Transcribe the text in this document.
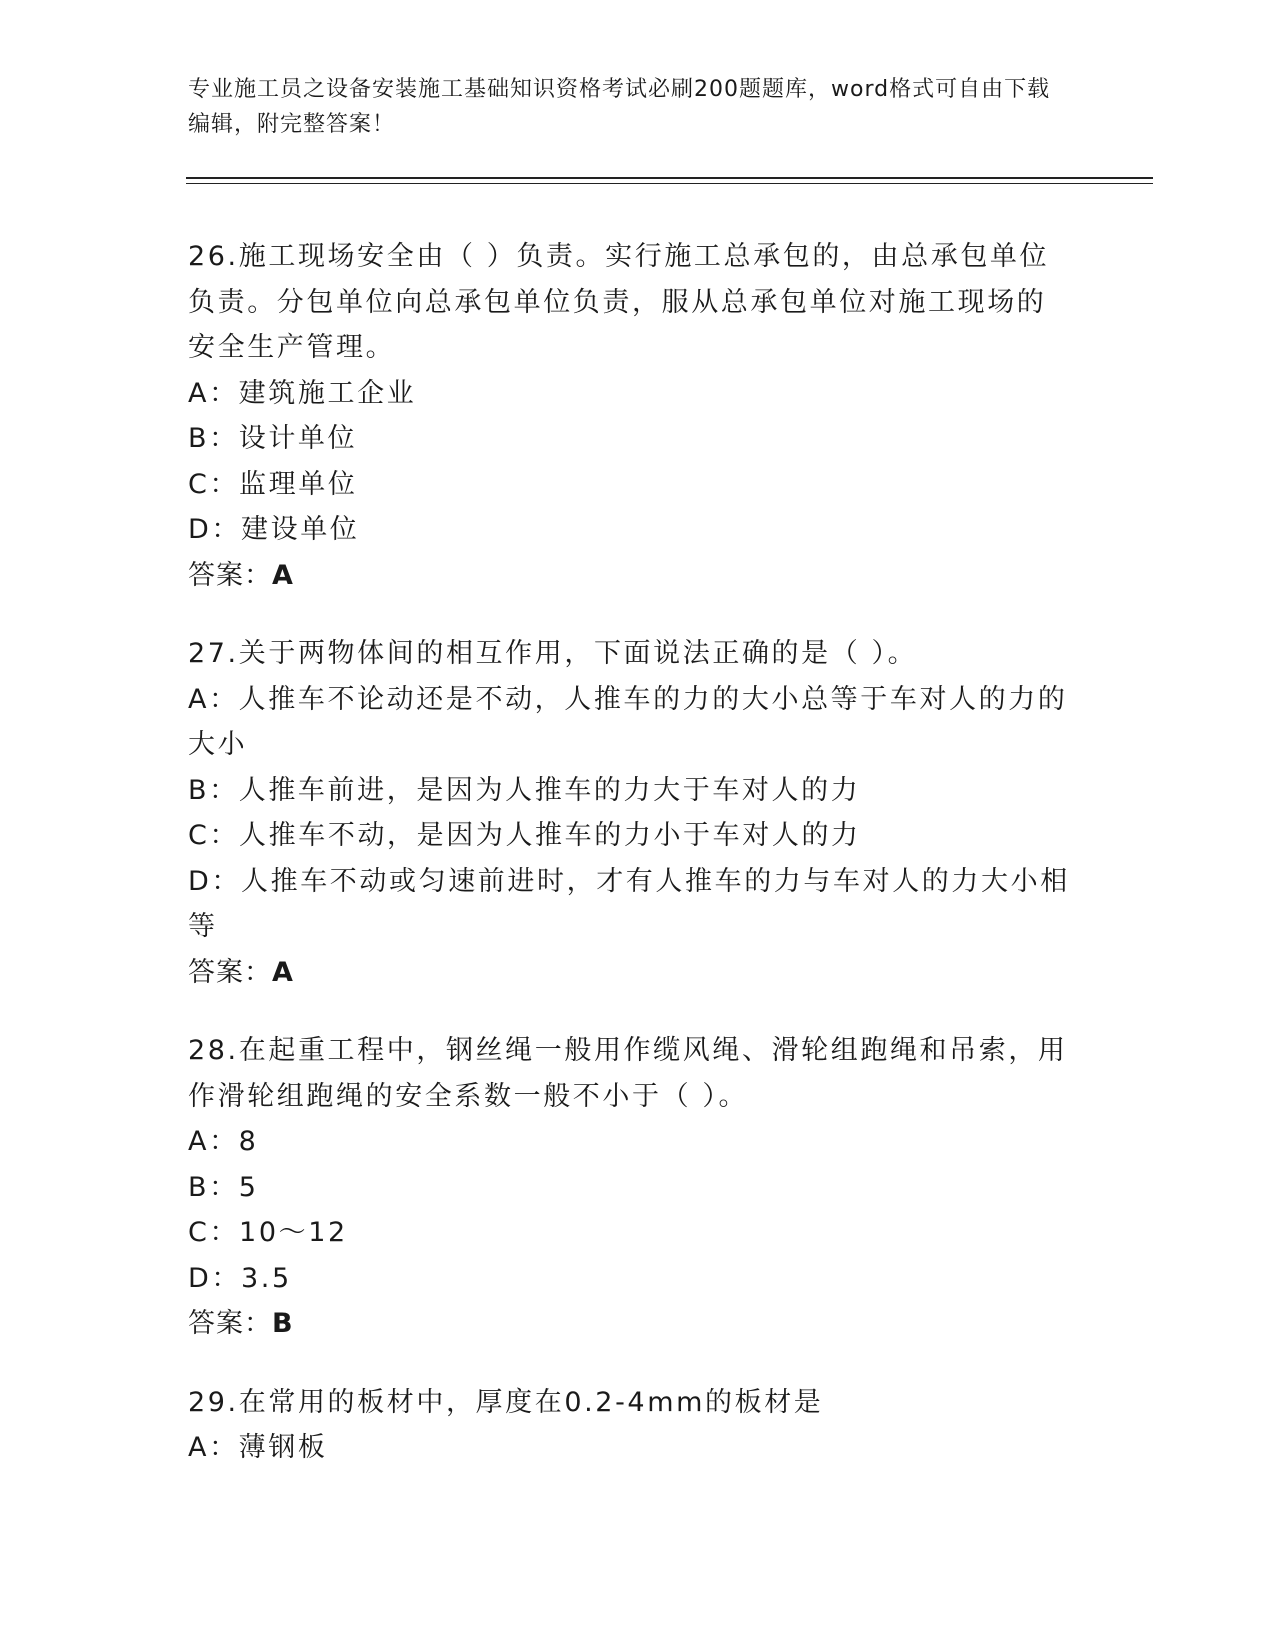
专业施工员之设备安装施工基础知识资格考试必刷200题题库，word格式可自由下载编辑，附完整答案！
26.施工现场安全由（ ）负责。实行施工总承包的，由总承包单位负责。分包单位向总承包单位负责，服从总承包单位对施工现场的安全生产管理。
A：建筑施工企业
B：设计单位
C：监理单位
D：建设单位
答案：A
27.关于两物体间的相互作用，下面说法正确的是（ ）。
A：人推车不论动还是不动，人推车的力的大小总等于车对人的力的大小
B：人推车前进，是因为人推车的力大于车对人的力
C：人推车不动，是因为人推车的力小于车对人的力
D：人推车不动或匀速前进时，才有人推车的力与车对人的力大小相等
答案：A
28.在起重工程中，钢丝绳一般用作缆风绳、滑轮组跑绳和吊索，用作滑轮组跑绳的安全系数一般不小于（ ）。
A：8
B：5
C：10～12
D：3.5
答案：B
29.在常用的板材中，厚度在0.2-4mm的板材是
A：薄钢板
